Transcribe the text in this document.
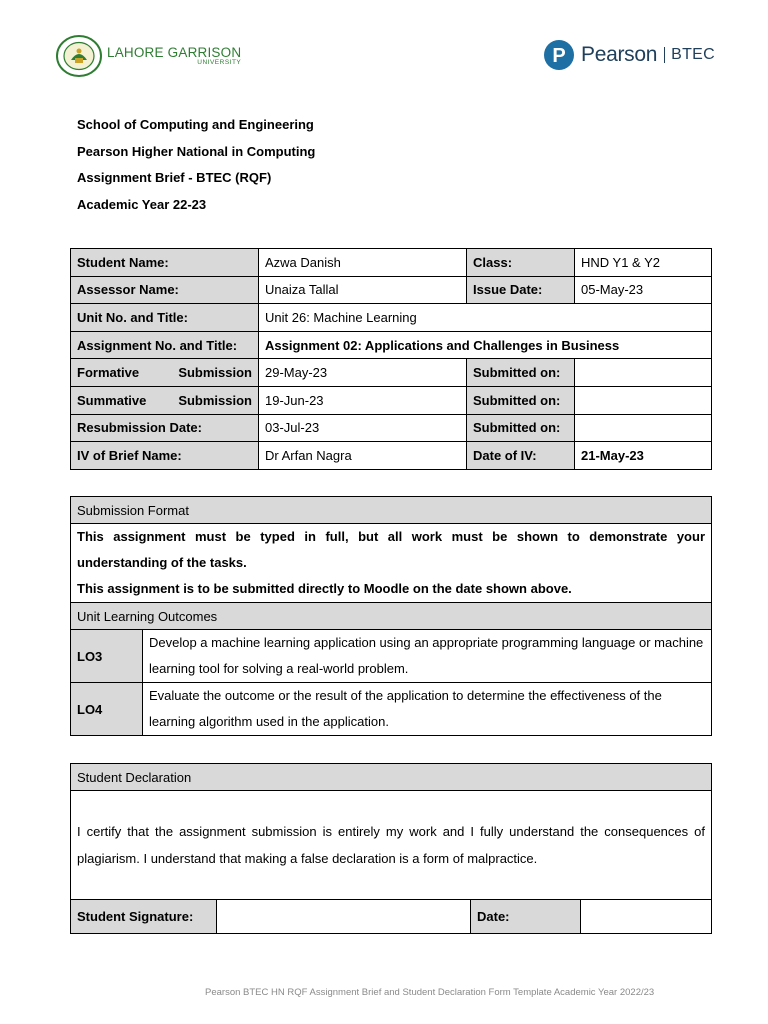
LAHORE GARRISON
UNIVERSITY	P Pearson BTEC
School of Computing and Engineering
Pearson Higher National in Computing
Assignment Brief - BTEC (RQF)
Academic Year 22-23
Student Name:	Azwa Danish	Class:	HND Y1 & Y2
Assessor Name:	Unaiza Tallal	Issue Date:	05-May-23
Unit No. and Title:	Unit 26: Machine Learning		
Assignment No. and Title:	Assignment 02: Applications and Challenges in Business		

Formative Submission	29-May-23	Submitted on:	

Summative Submission	19-Jun-23	Submitted on:	
Resubmission Date:	03-Jul-23	Submitted on:	
IV of Brief Name:	Dr Arfan Nagra	Date of IV:	21-May-23
Submission Format	

This assignment must be typed in full, but all work must be shown to demonstrate your understanding of the tasks.
This assignment is to be submitted directly to Moodle on the date shown above.	

Unit Learning Outcomes	
LO3	Develop a machine learning application using an appropriate programming language or machine learning tool for solving a real-world problem.
LO4	Evaluate the outcome or the result of the application to determine the effectiveness of the learning algorithm used in the application.
Student Declaration
I certify that the assignment submission is entirely my work and I fully understand the consequences of plagiarism. I understand that making a false declaration is a form of malpractice.
Student Signature:		Date:	
Pearson BTEC HN RQF Assignment Brief and Student Declaration Form Template Academic Year 2022/23
